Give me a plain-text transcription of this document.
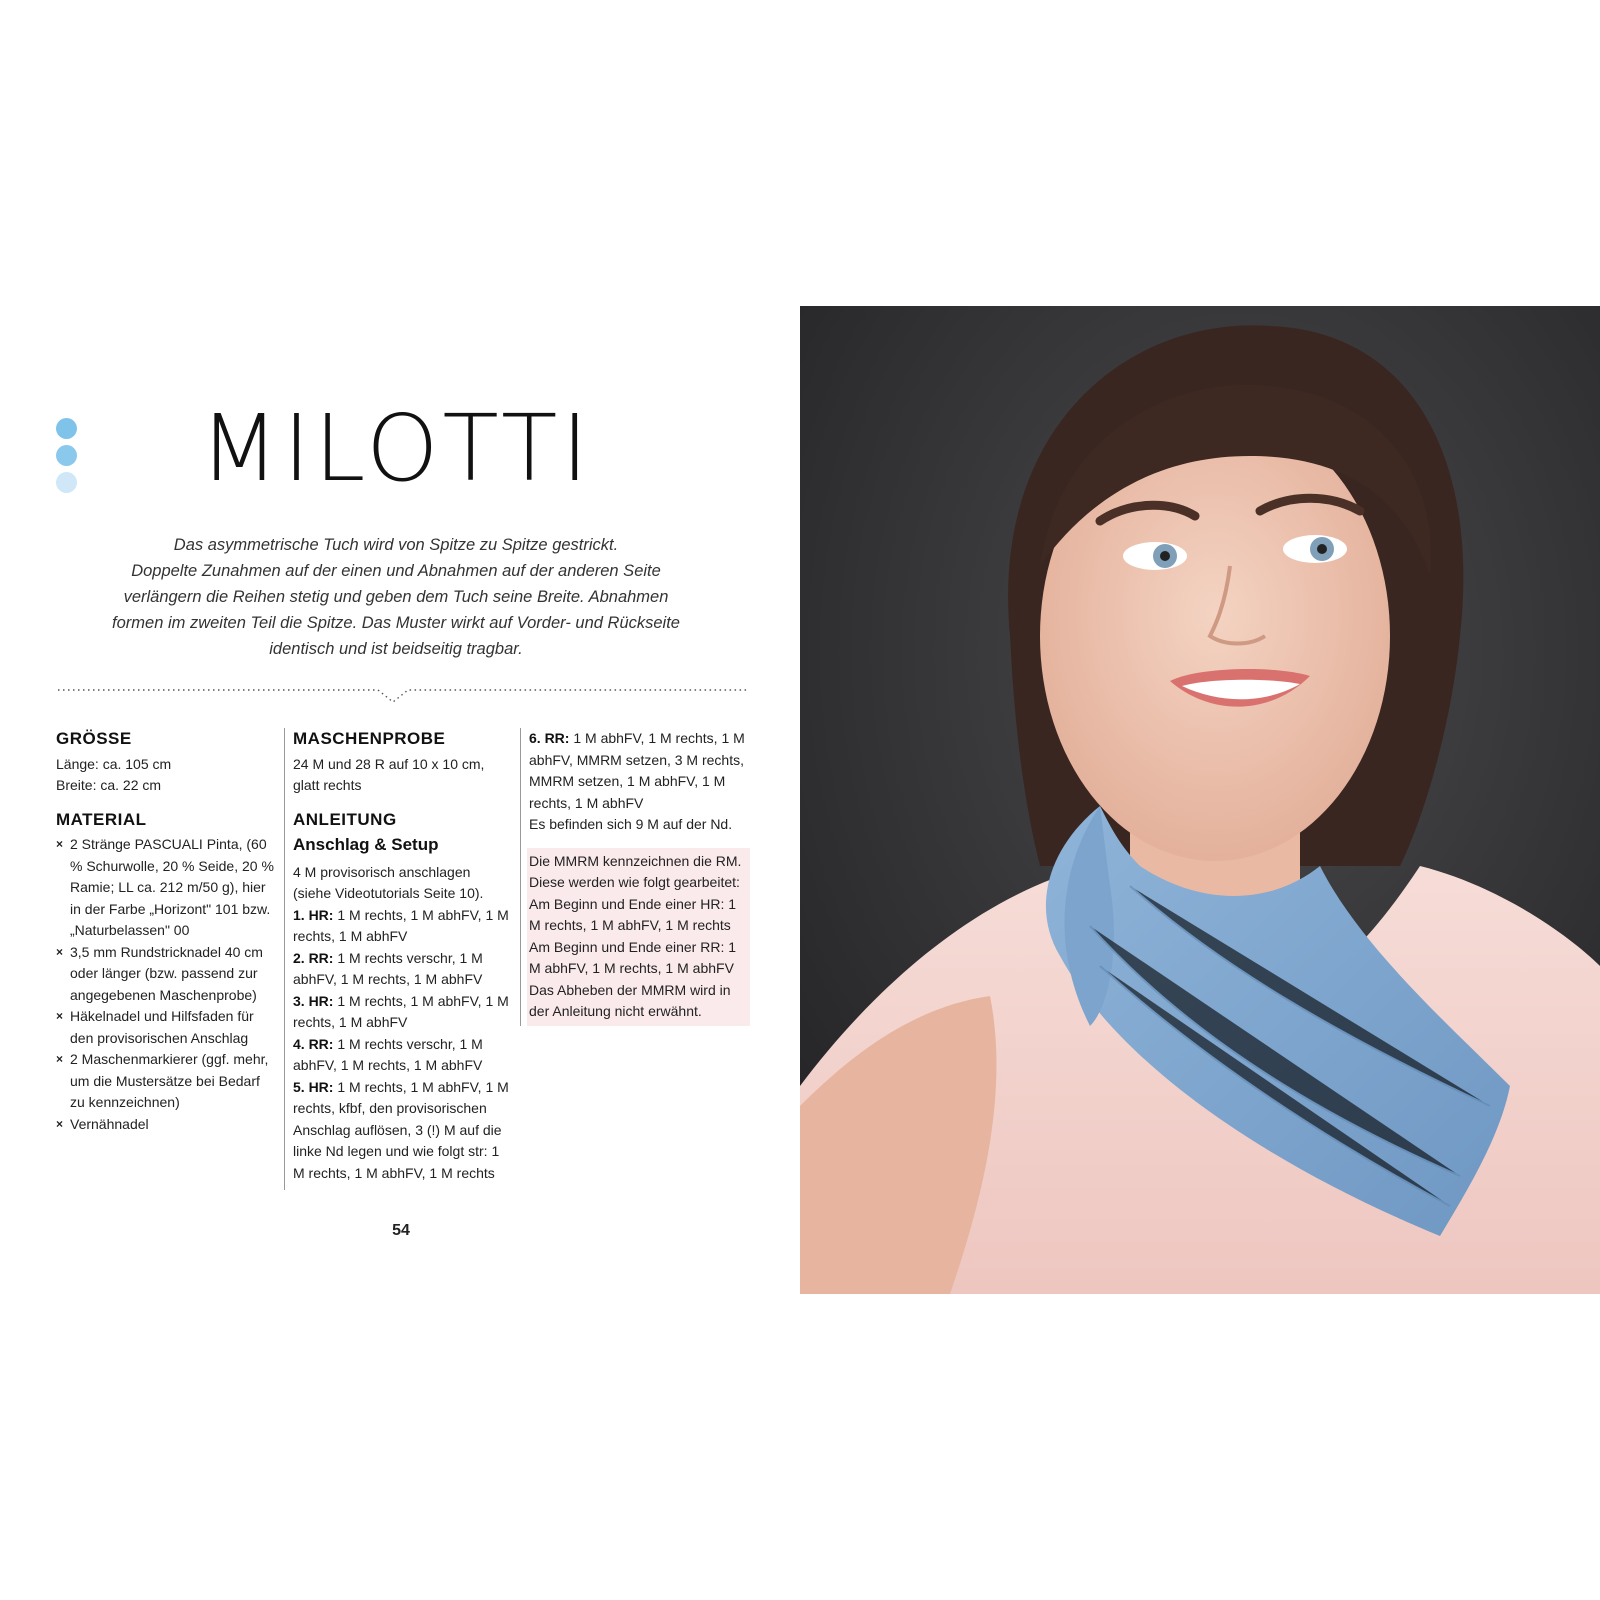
MILOTTI
Das asymmetrische Tuch wird von Spitze zu Spitze gestrickt.
Doppelte Zunahmen auf der einen und Abnahmen auf der anderen Seite
verlängern die Reihen stetig und geben dem Tuch seine Breite. Abnahmen
formen im zweiten Teil die Spitze. Das Muster wirkt auf Vorder- und Rückseite
identisch und ist beidseitig tragbar.
GRÖSSE
Länge: ca. 105 cm
Breite: ca. 22 cm
MATERIAL
× 2 Stränge PASCUALI Pinta, (60 % Schurwolle, 20 % Seide, 20 % Ramie; LL ca. 212 m/50 g), hier in der Farbe „Horizont" 101 bzw. „Naturbelassen" 00
× 3,5 mm Rundstricknadel 40 cm oder länger (bzw. passend zur angegebenen Maschenprobe)
× Häkelnadel und Hilfsfaden für den provisorischen Anschlag
× 2 Maschenmarkierer (ggf. mehr, um die Mustersätze bei Bedarf zu kennzeichnen)
× Vernähnadel
MASCHENPROBE
24 M und 28 R auf 10 x 10 cm, glatt rechts
ANLEITUNG
Anschlag & Setup
4 M provisorisch anschlagen (siehe Videotutorials Seite 10).
1. HR: 1 M rechts, 1 M abhFV, 1 M rechts, 1 M abhFV
2. RR: 1 M rechts verschr, 1 M abhFV, 1 M rechts, 1 M abhFV
3. HR: 1 M rechts, 1 M abhFV, 1 M rechts, 1 M abhFV
4. RR: 1 M rechts verschr, 1 M abhFV, 1 M rechts, 1 M abhFV
5. HR: 1 M rechts, 1 M abhFV, 1 M rechts, kfbf, den provisorischen Anschlag auflösen, 3 (!) M auf die linke Nd legen und wie folgt str: 1 M rechts, 1 M abhFV, 1 M rechts
6. RR: 1 M abhFV, 1 M rechts, 1 M abhFV, MMRM setzen, 3 M rechts, MMRM setzen, 1 M abhFV, 1 M rechts, 1 M abhFV
Es befinden sich 9 M auf der Nd.
Die MMRM kennzeichnen die RM. Diese werden wie folgt gearbeitet: Am Beginn und Ende einer HR: 1 M rechts, 1 M abhFV, 1 M rechts Am Beginn und Ende einer RR: 1 M abhFV, 1 M rechts, 1 M abhFV Das Abheben der MMRM wird in der Anleitung nicht erwähnt.
54
